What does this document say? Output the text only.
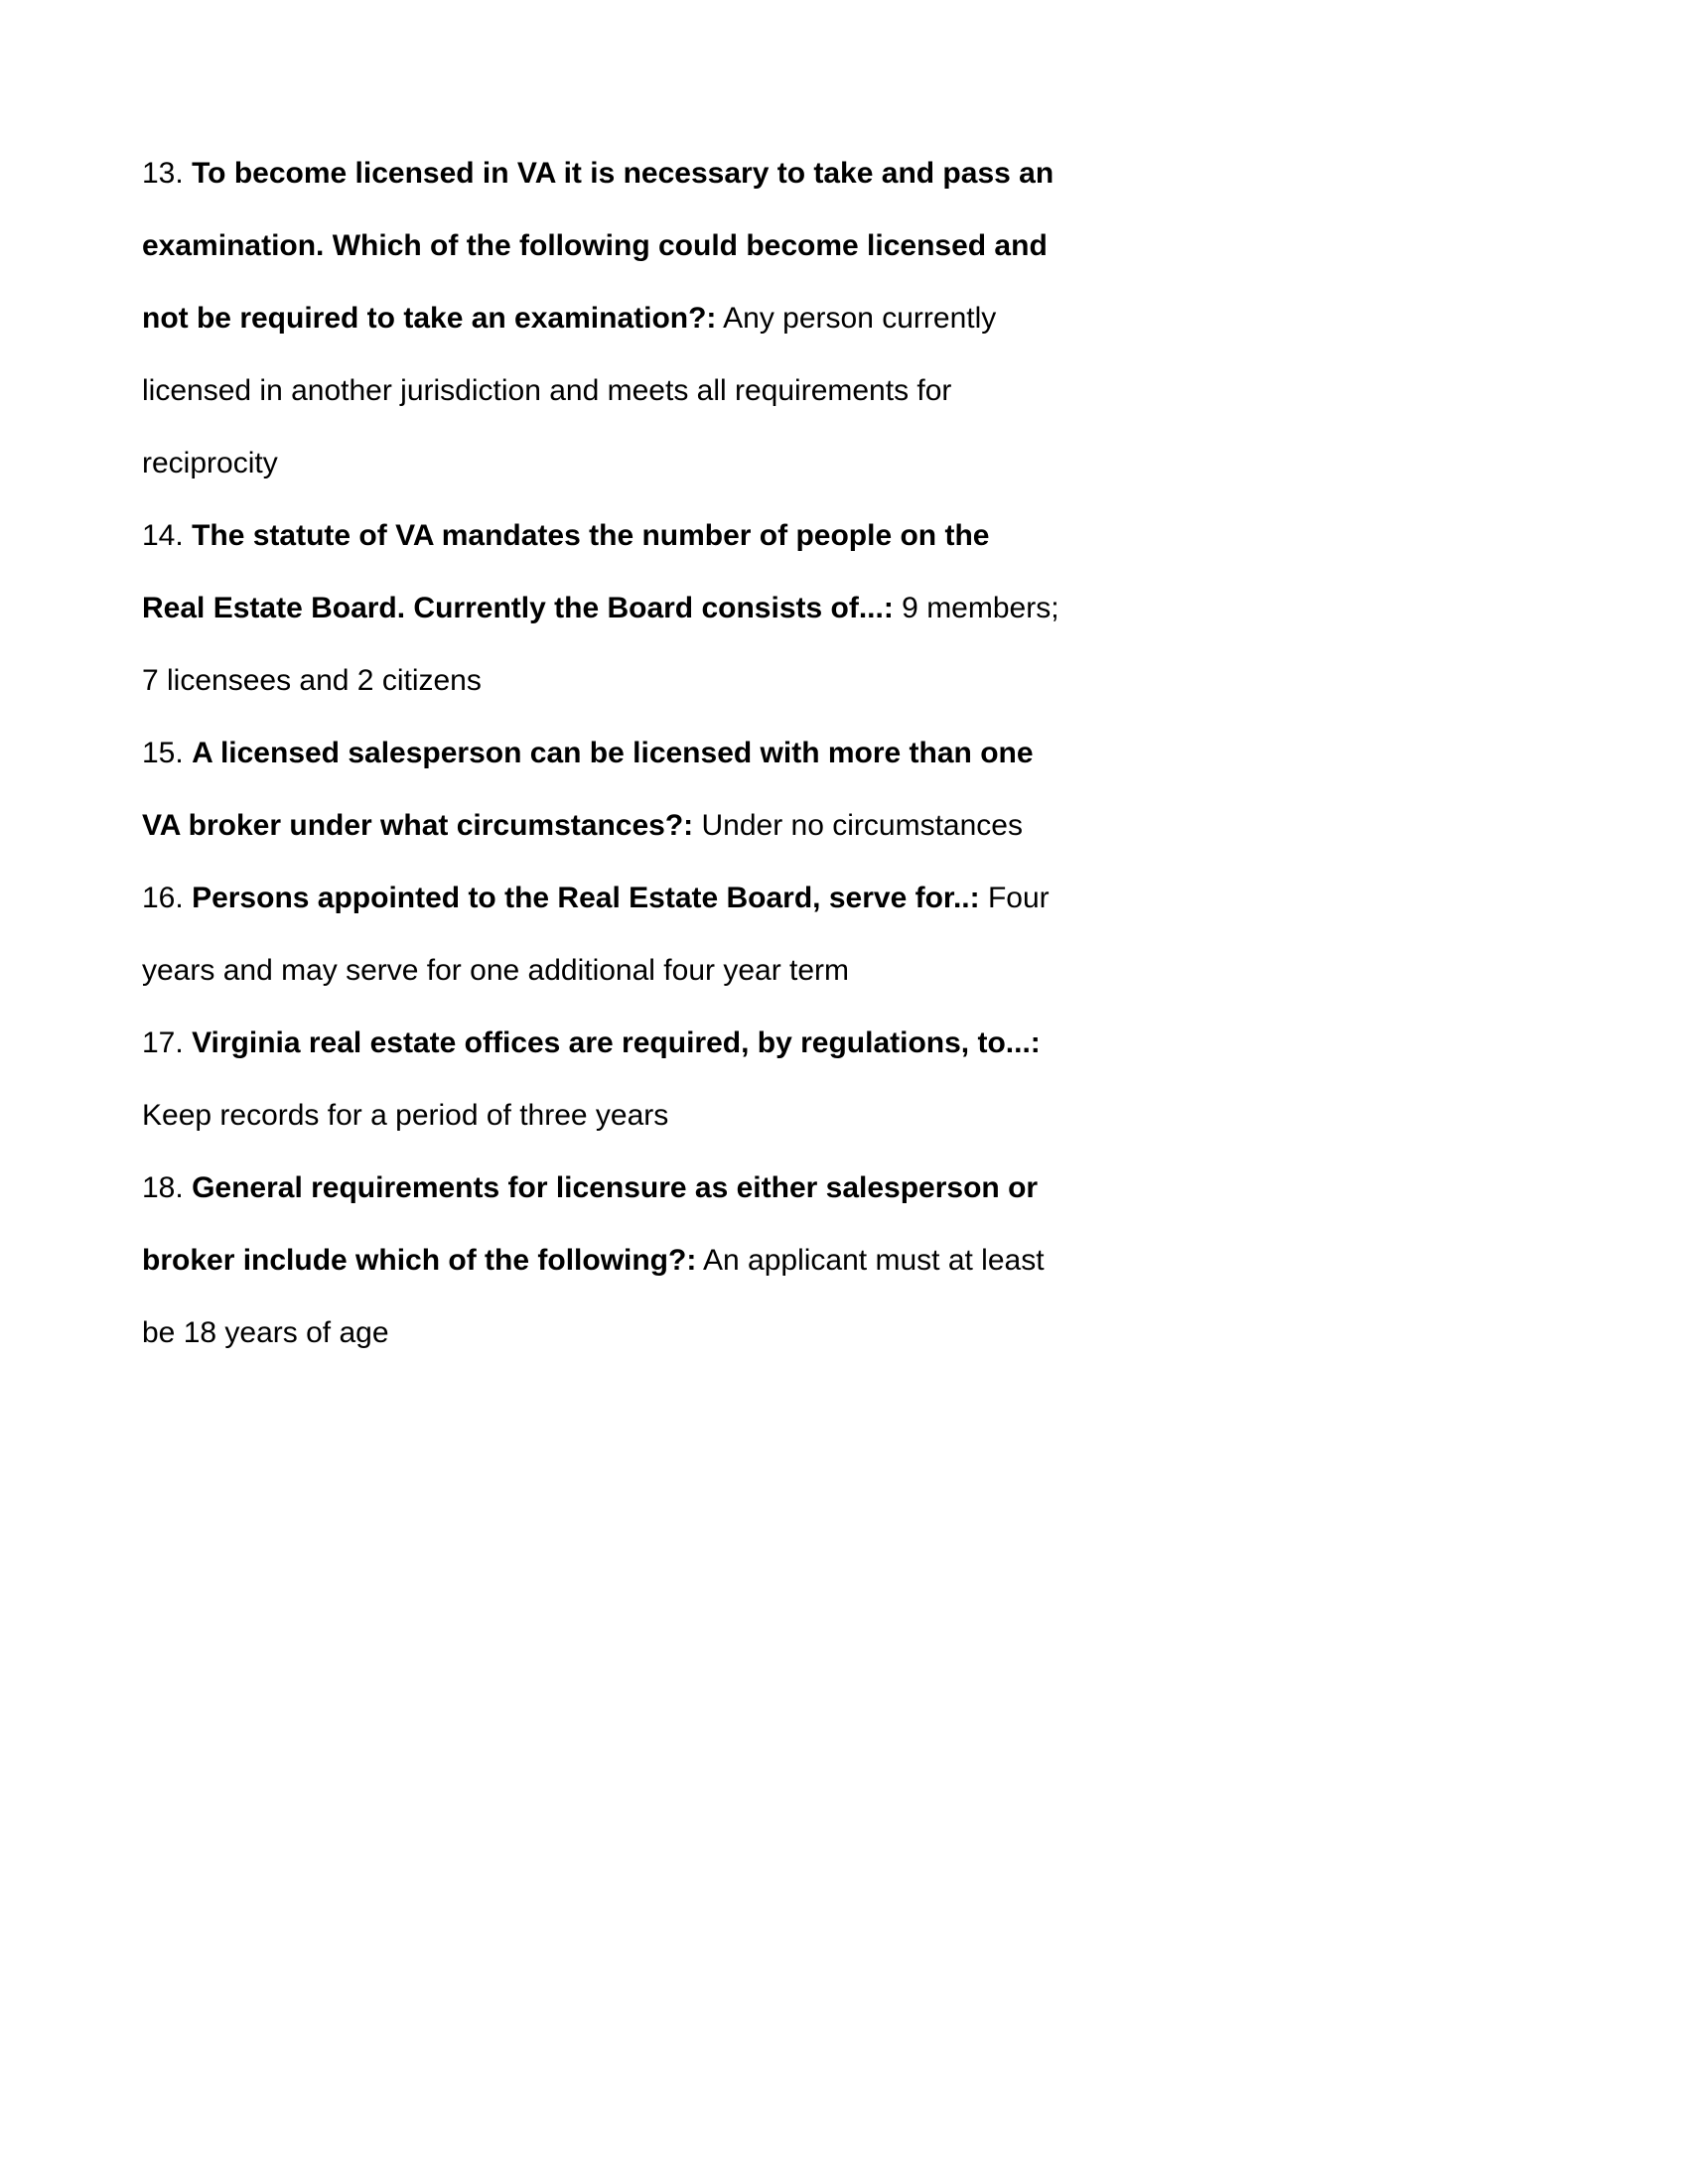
13. To become licensed in VA it is necessary to take and pass an examination. Which of the following could become licensed and not be required to take an examination?: Any person currently licensed in another jurisdiction and meets all requirements for reciprocity

14. The statute of VA mandates the number of people on the Real Estate Board. Currently the Board consists of...: 9 members; 7 licensees and 2 citizens

15. A licensed salesperson can be licensed with more than one VA broker under what circumstances?: Under no circumstances

16. Persons appointed to the Real Estate Board, serve for..: Four years and may serve for one additional four year term

17. Virginia real estate offices are required, by regulations, to...: Keep records for a period of three years

18. General requirements for licensure as either salesperson or broker include which of the following?: An applicant must at least be 18 years of age
